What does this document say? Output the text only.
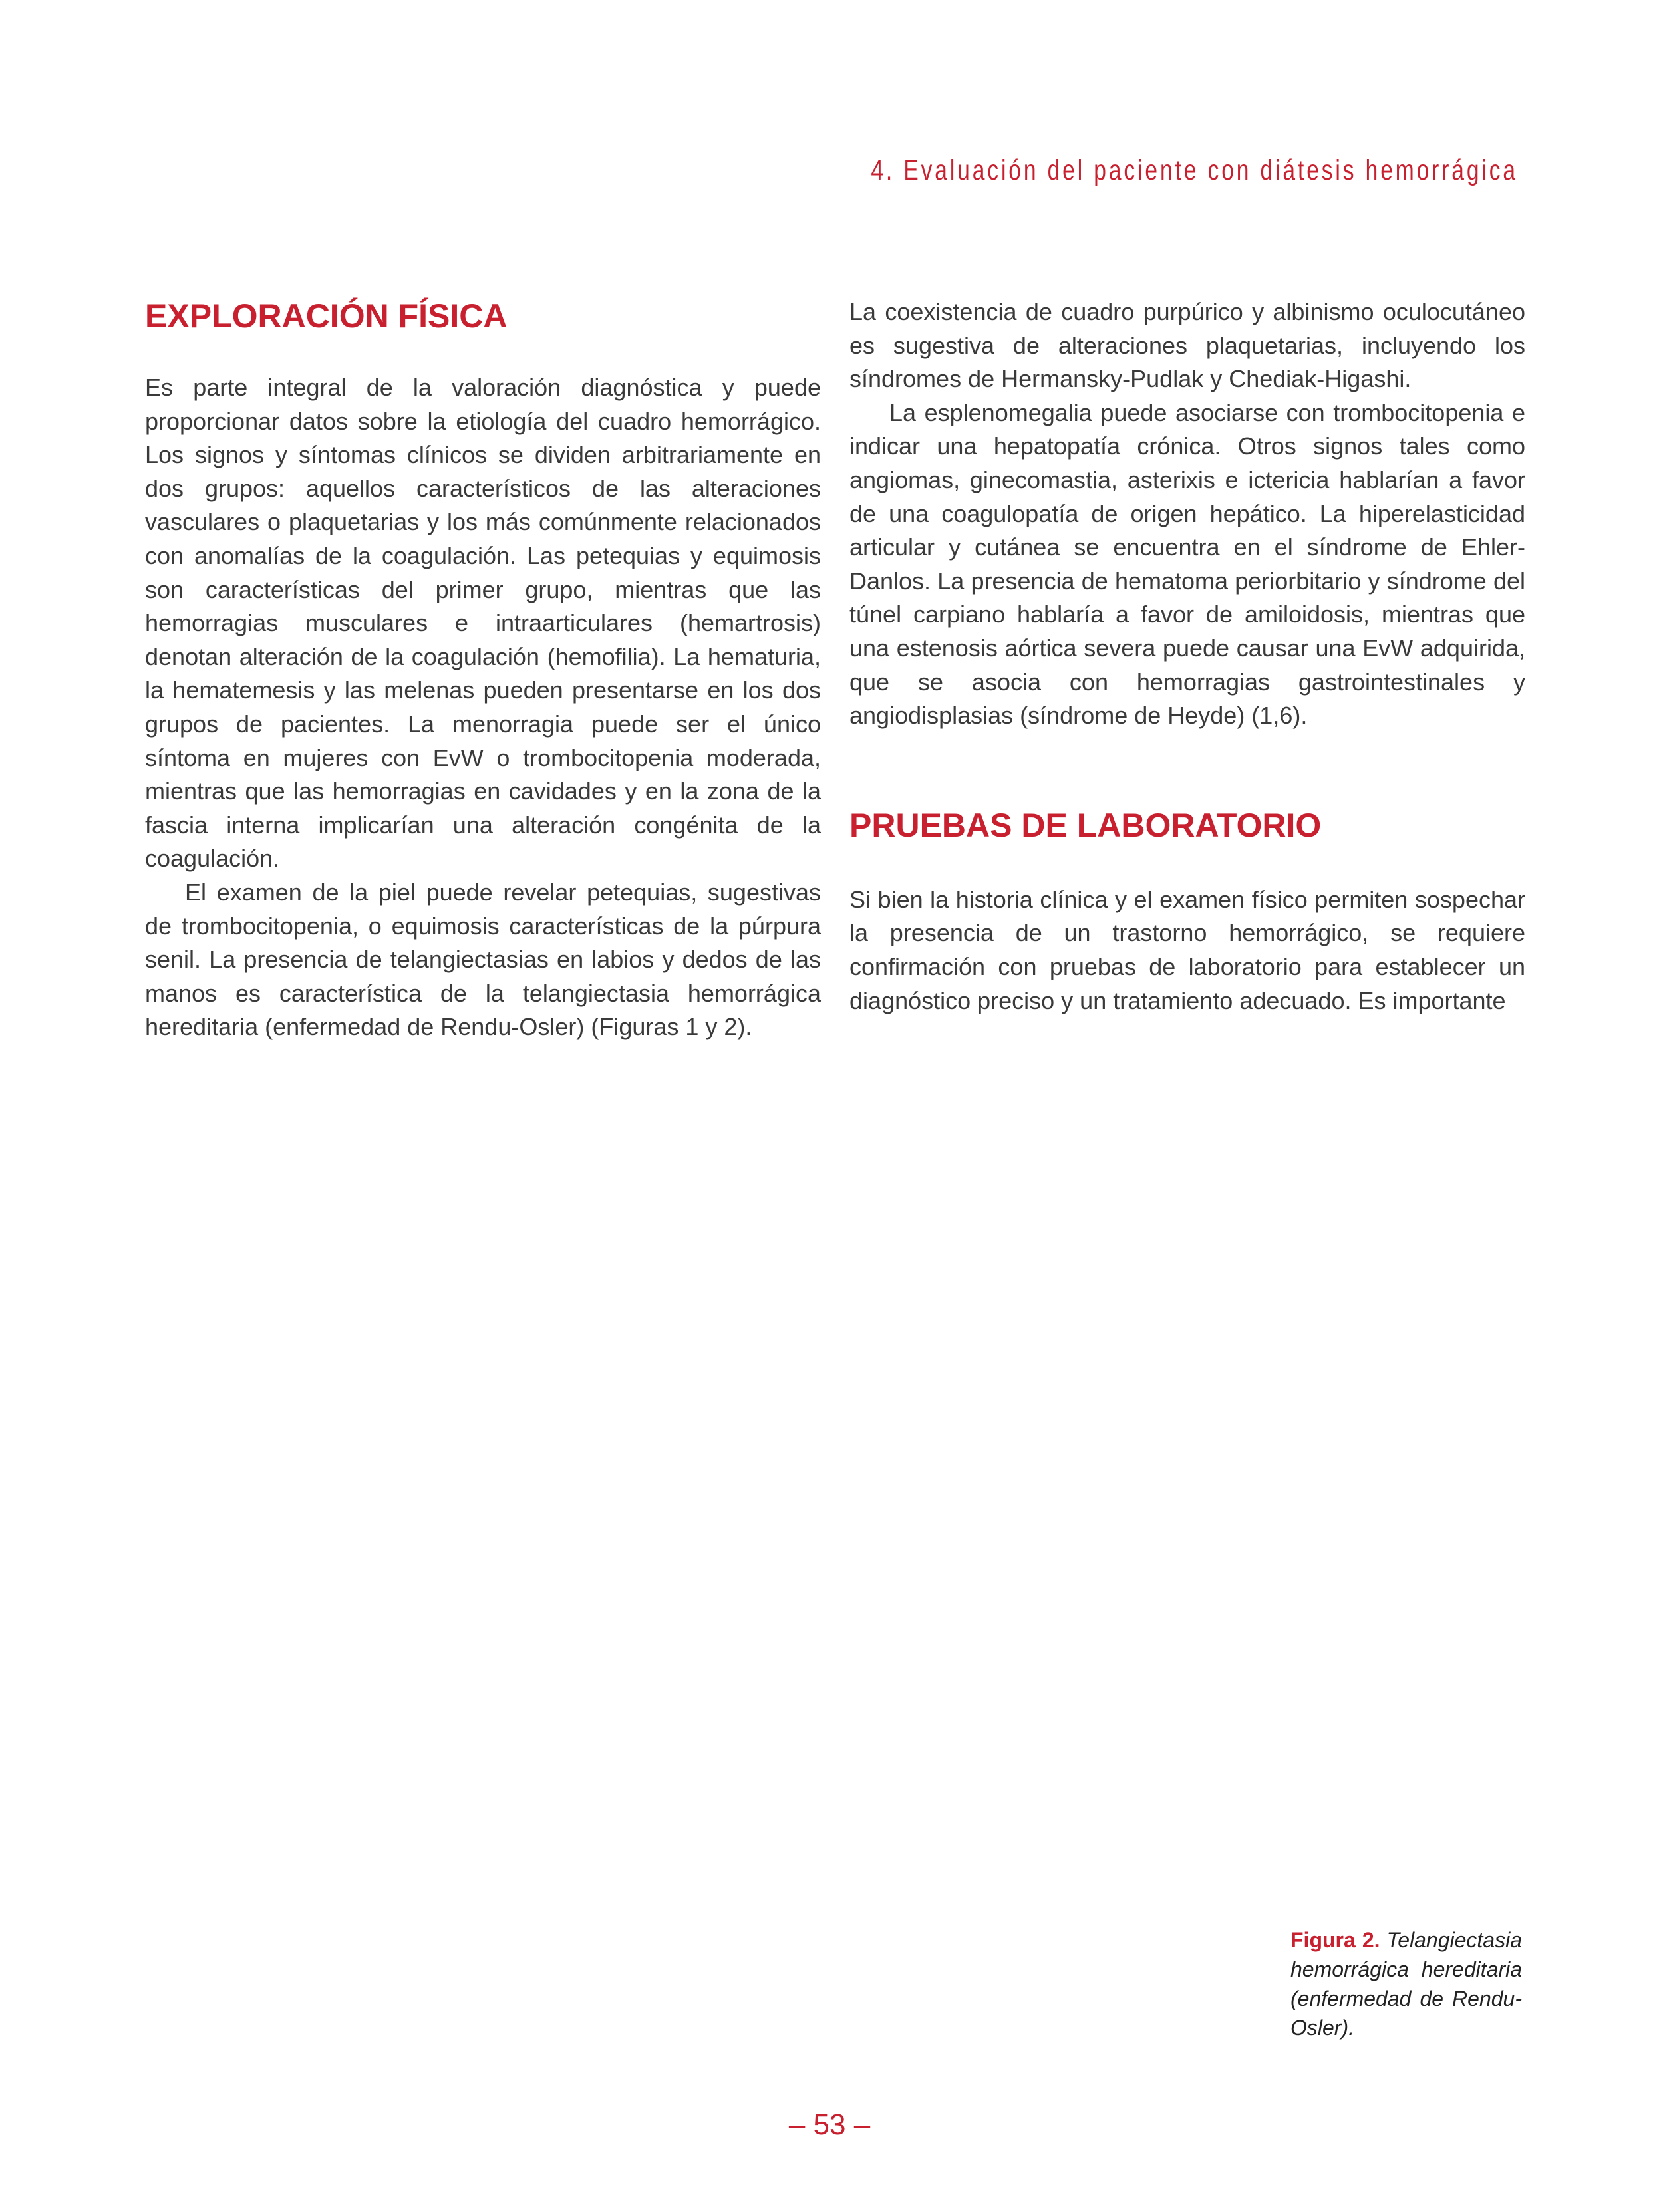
4. Evaluación del paciente con diátesis hemorrágica
EXPLORACIÓN FÍSICA

Es parte integral de la valoración diagnóstica y puede proporcionar datos sobre la etiología del cuadro hemorrágico. Los signos y síntomas clínicos se dividen arbitrariamente en dos grupos: aquellos característicos de las alteraciones vasculares o plaquetarias y los más comúnmente relacionados con anomalías de la coagulación. Las petequias y equimosis son características del primer grupo, mientras que las hemorragias musculares e intraarticulares (hemartrosis) denotan alteración de la coagulación (hemofilia). La hematuria, la hematemesis y las melenas pueden presentarse en los dos grupos de pacientes. La menorragia puede ser el único síntoma en mujeres con EvW o trombocitopenia moderada, mientras que las hemorragias en cavidades y en la zona de la fascia interna implicarían una alteración congénita de la coagulación.

El examen de la piel puede revelar petequias, sugestivas de trombocitopenia, o equimosis características de la púrpura senil. La presencia de telangiectasias en labios y dedos de las manos es característica de la telangiectasia hemorrágica hereditaria (enfermedad de Rendu-Osler) (Figuras 1 y 2).

La coexistencia de cuadro purpúrico y albinismo oculocutáneo es sugestiva de alteraciones plaquetarias, incluyendo los síndromes de Hermansky-Pudlak y Chediak-Higashi.

La esplenomegalia puede asociarse con trombocitopenia e indicar una hepatopatía crónica. Otros signos tales como angiomas, ginecomastia, asterixis e ictericia hablarían a favor de una coagulopatía de origen hepático. La hiperelasticidad articular y cutánea se encuentra en el síndrome de Ehler-Danlos. La presencia de hematoma periorbitario y síndrome del túnel carpiano hablaría a favor de amiloidosis, mientras que una estenosis aórtica severa puede causar una EvW adquirida, que se asocia con hemorragias gastrointestinales y angiodisplasias (síndrome de Heyde) (1,6).

PRUEBAS DE LABORATORIO

Si bien la historia clínica y el examen físico permiten sospechar la presencia de un trastorno hemorrágico, se requiere confirmación con pruebas de laboratorio para establecer un diagnóstico preciso y un tratamiento adecuado. Es importante

Figura 2. Telangiectasia hemorrágica hereditaria (enfermedad de Rendu-Osler).
– 53 –
